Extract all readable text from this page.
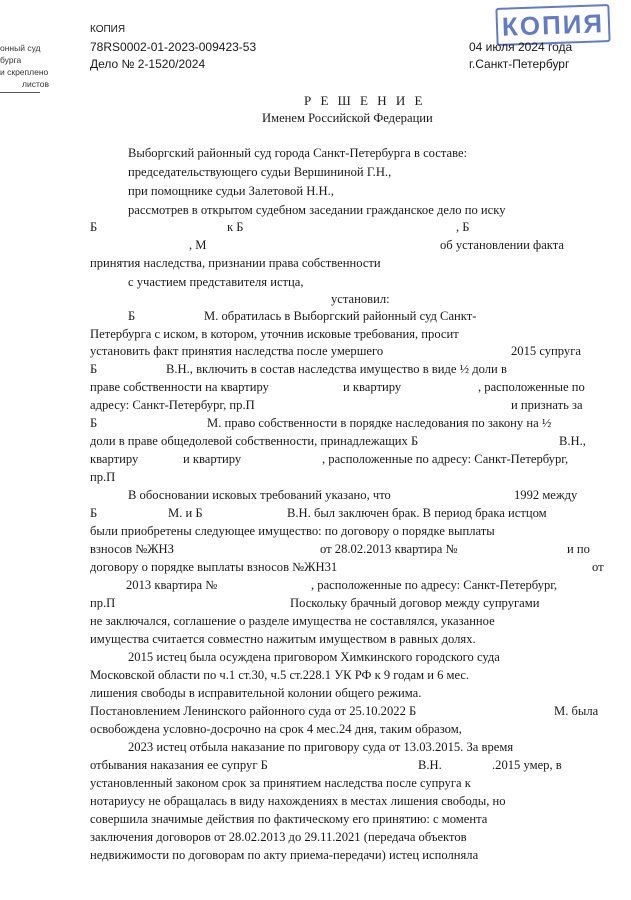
КОПИЯ
онный суд
бурга
и скреплено
листов
КОПИЯ
78RS0002-01-2023-009423-53
Дело № 2-1520/2024
04 июля 2024 года
г.Санкт-Петербург
Р Е Ш Е Н И Е
Именем Российской Федерации
Выборгский районный суд города Санкт-Петербурга в составе:
председательствующего судьи Вершининой Г.Н.,
при помощнике судьи Залетовой Н.Н.,
рассмотрев в открытом судебном заседании гражданское дело по иску
Б	к Б	, Б
, М	об установлении факта
принятия наследства, признании права собственности
с участием представителя истца,
установил:
Б	М. обратилась в Выборгский районный суд Санкт-
Петербурга с иском, в котором, уточнив исковые требования, просит
установить факт принятия наследства после умершего	2015 супруга
Б	В.Н., включить в состав наследства имущество в виде ½ доли в
праве собственности на квартиру	и квартиру	, расположенные по
адресу: Санкт-Петербург, пр.П	и признать за
Б	М. право собственности в порядке наследования по закону на ½
доли в праве общедолевой собственности, принадлежащих Б	В.Н.,
квартиру	и квартиру	, расположенные по адресу: Санкт-Петербург,
пр.П
В обосновании исковых требований указано, что	1992 между
Б	М. и Б	В.Н. был заключен брак. В период брака истцом
были приобретены следующее имущество: по договору о порядке выплаты
взносов №ЖНЗ	от 28.02.2013 квартира №	и по
договору о порядке выплаты взносов №ЖН31	от
2013 квартира №	, расположенные по адресу: Санкт-Петербург,
пр.П	Поскольку брачный договор между супругами
не заключался, соглашение о разделе имущества не составлялся, указанное
имущества считается совместно нажитым имуществом в равных долях.
2015 истец была осуждена приговором Химкинского городского суда
Московской области по ч.1 ст.30, ч.5 ст.228.1 УК РФ к 9 годам и 6 мес.
лишения свободы в исправительной колонии общего режима.
Постановлением Ленинского районного суда от 25.10.2022 Б	М. была
освобождена условно-досрочно на срок 4 мес.24 дня, таким образом,
2023 истец отбыла наказание по приговору суда от 13.03.2015. За время
отбывания наказания ее супруг Б	В.Н.	.2015 умер, в
установленный законом срок за принятием наследства после супруга к
нотариусу не обращалась в виду нахождениях в местах лишения свободы, но
совершила значимые действия по фактическому его принятию: с момента
заключения договоров от 28.02.2013 до 29.11.2021 (передача объектов
недвижимости по договорам по акту приема-передачи) истец исполняла
